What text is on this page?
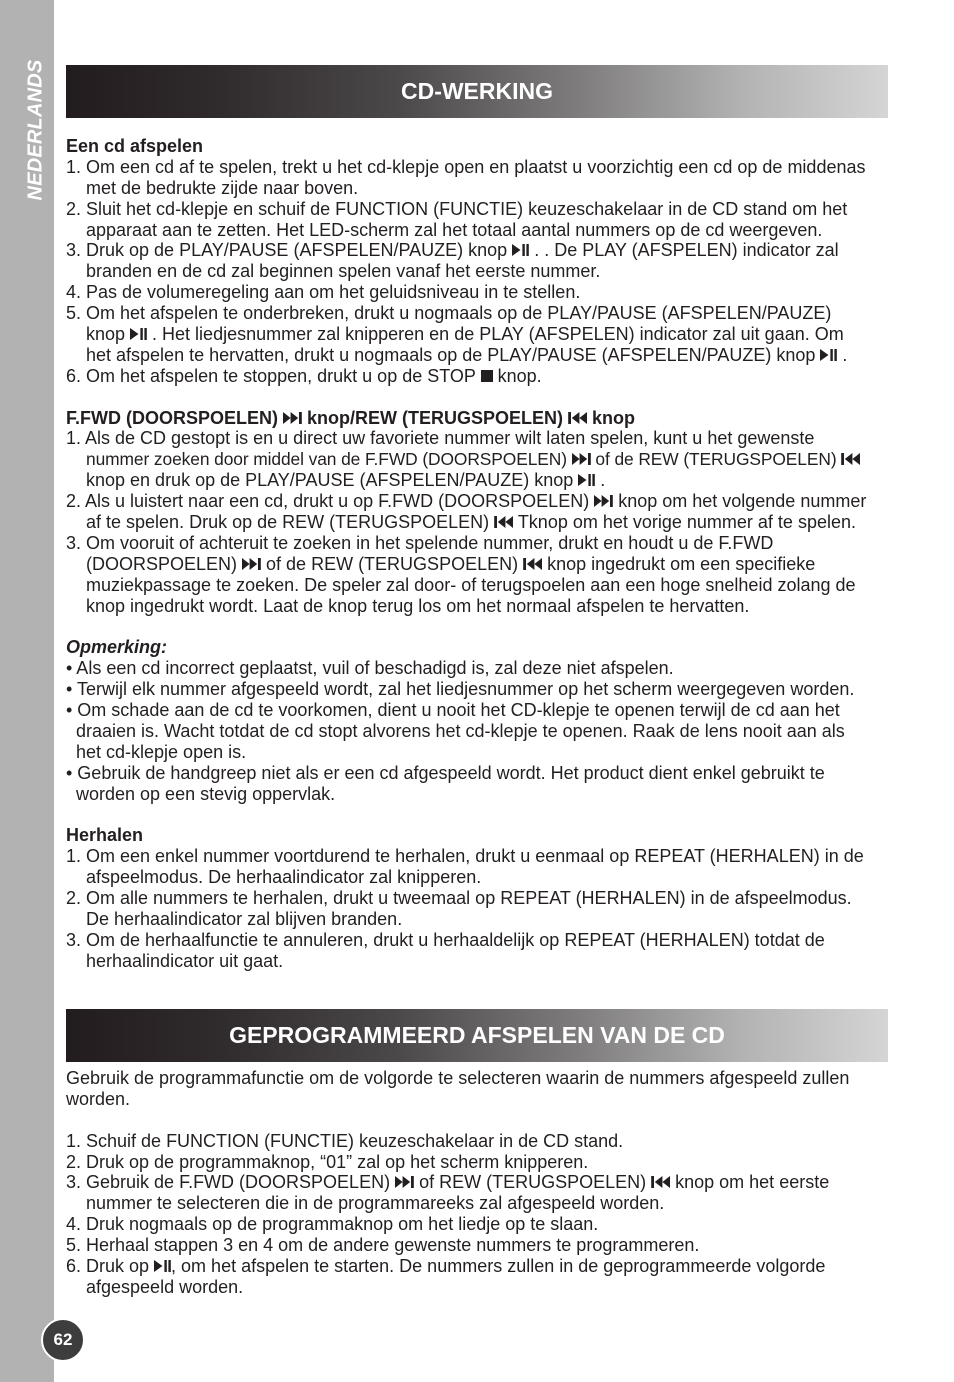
NEDERLANDS	CD-WERKING
Een cd afspelen
1. Om een cd af te spelen, trekt u het cd-klepje open en plaatst u voorzichtig een cd op de middenas
met de bedrukte zijde naar boven.
2. Sluit het cd-klepje en schuif de FUNCTION (FUNCTIE) keuzeschakelaar in de CD stand om het
apparaat aan te zetten. Het LED-scherm zal het totaal aantal nummers op de cd weergeven.
3. Druk op de PLAY/PAUSE (AFSPELEN/PAUZE) knop
. . De PLAY (AFSPELEN) indicator zal
branden en de cd zal beginnen spelen vanaf het eerste nummer.
4. Pas de volumeregeling aan om het geluidsniveau in te stellen.
5. Om het afspelen te onderbreken, drukt u nogmaals op de PLAY/PAUSE (AFSPELEN/PAUZE)
knop
. Het liedjesnummer zal knipperen en de PLAY (AFSPELEN) indicator zal uit gaan. Om
het afspelen te hervatten, drukt u nogmaals op de PLAY/PAUSE (AFSPELEN/PAUZE) knop
.
6. Om het afspelen te stoppen, drukt u op de STOP
knop.
F.FWD (DOORSPOELEN)
knop/REW (TERUGSPOELEN)
knop
1. Als de CD gestopt is en u direct uw favoriete nummer wilt laten spelen, kunt u het gewenste
nummer zoeken door middel van de F.FWD (DOORSPOELEN)
of de REW (TERUGSPOELEN)
knop en druk op de PLAY/PAUSE (AFSPELEN/PAUZE) knop
.
2. Als u luistert naar een cd, drukt u op F.FWD (DOORSPOELEN)
knop om het volgende nummer
af te spelen. Druk op de REW (TERUGSPOELEN)
Tknop om het vorige nummer af te spelen.
3. Om vooruit of achteruit te zoeken in het spelende nummer, drukt en houdt u de F.FWD
(DOORSPOELEN)
of de REW (TERUGSPOELEN)
knop ingedrukt om een specifieke
muziekpassage te zoeken. De speler zal door- of terugspoelen aan een hoge snelheid zolang de
knop ingedrukt wordt. Laat de knop terug los om het normaal afspelen te hervatten.
Opmerking:
• Als een cd incorrect geplaatst, vuil of beschadigd is, zal deze niet afspelen.
• Terwijl elk nummer afgespeeld wordt, zal het liedjesnummer op het scherm weergegeven worden.
• Om schade aan de cd te voorkomen, dient u nooit het CD-klepje te openen terwijl de cd aan het
draaien is. Wacht totdat de cd stopt alvorens het cd-klepje te openen. Raak de lens nooit aan als
het cd-klepje open is.
• Gebruik de handgreep niet als er een cd afgespeeld wordt. Het product dient enkel gebruikt te
worden op een stevig oppervlak.
Herhalen
1. Om een enkel nummer voortdurend te herhalen, drukt u eenmaal op REPEAT (HERHALEN) in de
afspeelmodus. De herhaalindicator zal knipperen.
2. Om alle nummers te herhalen, drukt u tweemaal op REPEAT (HERHALEN) in de afspeelmodus.
De herhaalindicator zal blijven branden.
3. Om de herhaalfunctie te annuleren, drukt u herhaaldelijk op REPEAT (HERHALEN) totdat de
herhaalindicator uit gaat.
GEPROGRAMMEERD AFSPELEN VAN DE CD
Gebruik de programmafunctie om de volgorde te selecteren waarin de nummers afgespeeld zullen
worden.
1. Schuif de FUNCTION (FUNCTIE) keuzeschakelaar in de CD stand.
2. Druk op de programmaknop, “01” zal op het scherm knipperen.
3. Gebruik de F.FWD (DOORSPOELEN)
of REW (TERUGSPOELEN)
knop om het eerste
nummer te selecteren die in de programmareeks zal afgespeeld worden.
4. Druk nogmaals op de programmaknop om het liedje op te slaan.
5. Herhaal stappen 3 en 4 om de andere gewenste nummers te programmeren.
6. Druk op
, om het afspelen te starten. De nummers zullen in de geprogrammeerde volgorde
afgespeeld worden.
62
